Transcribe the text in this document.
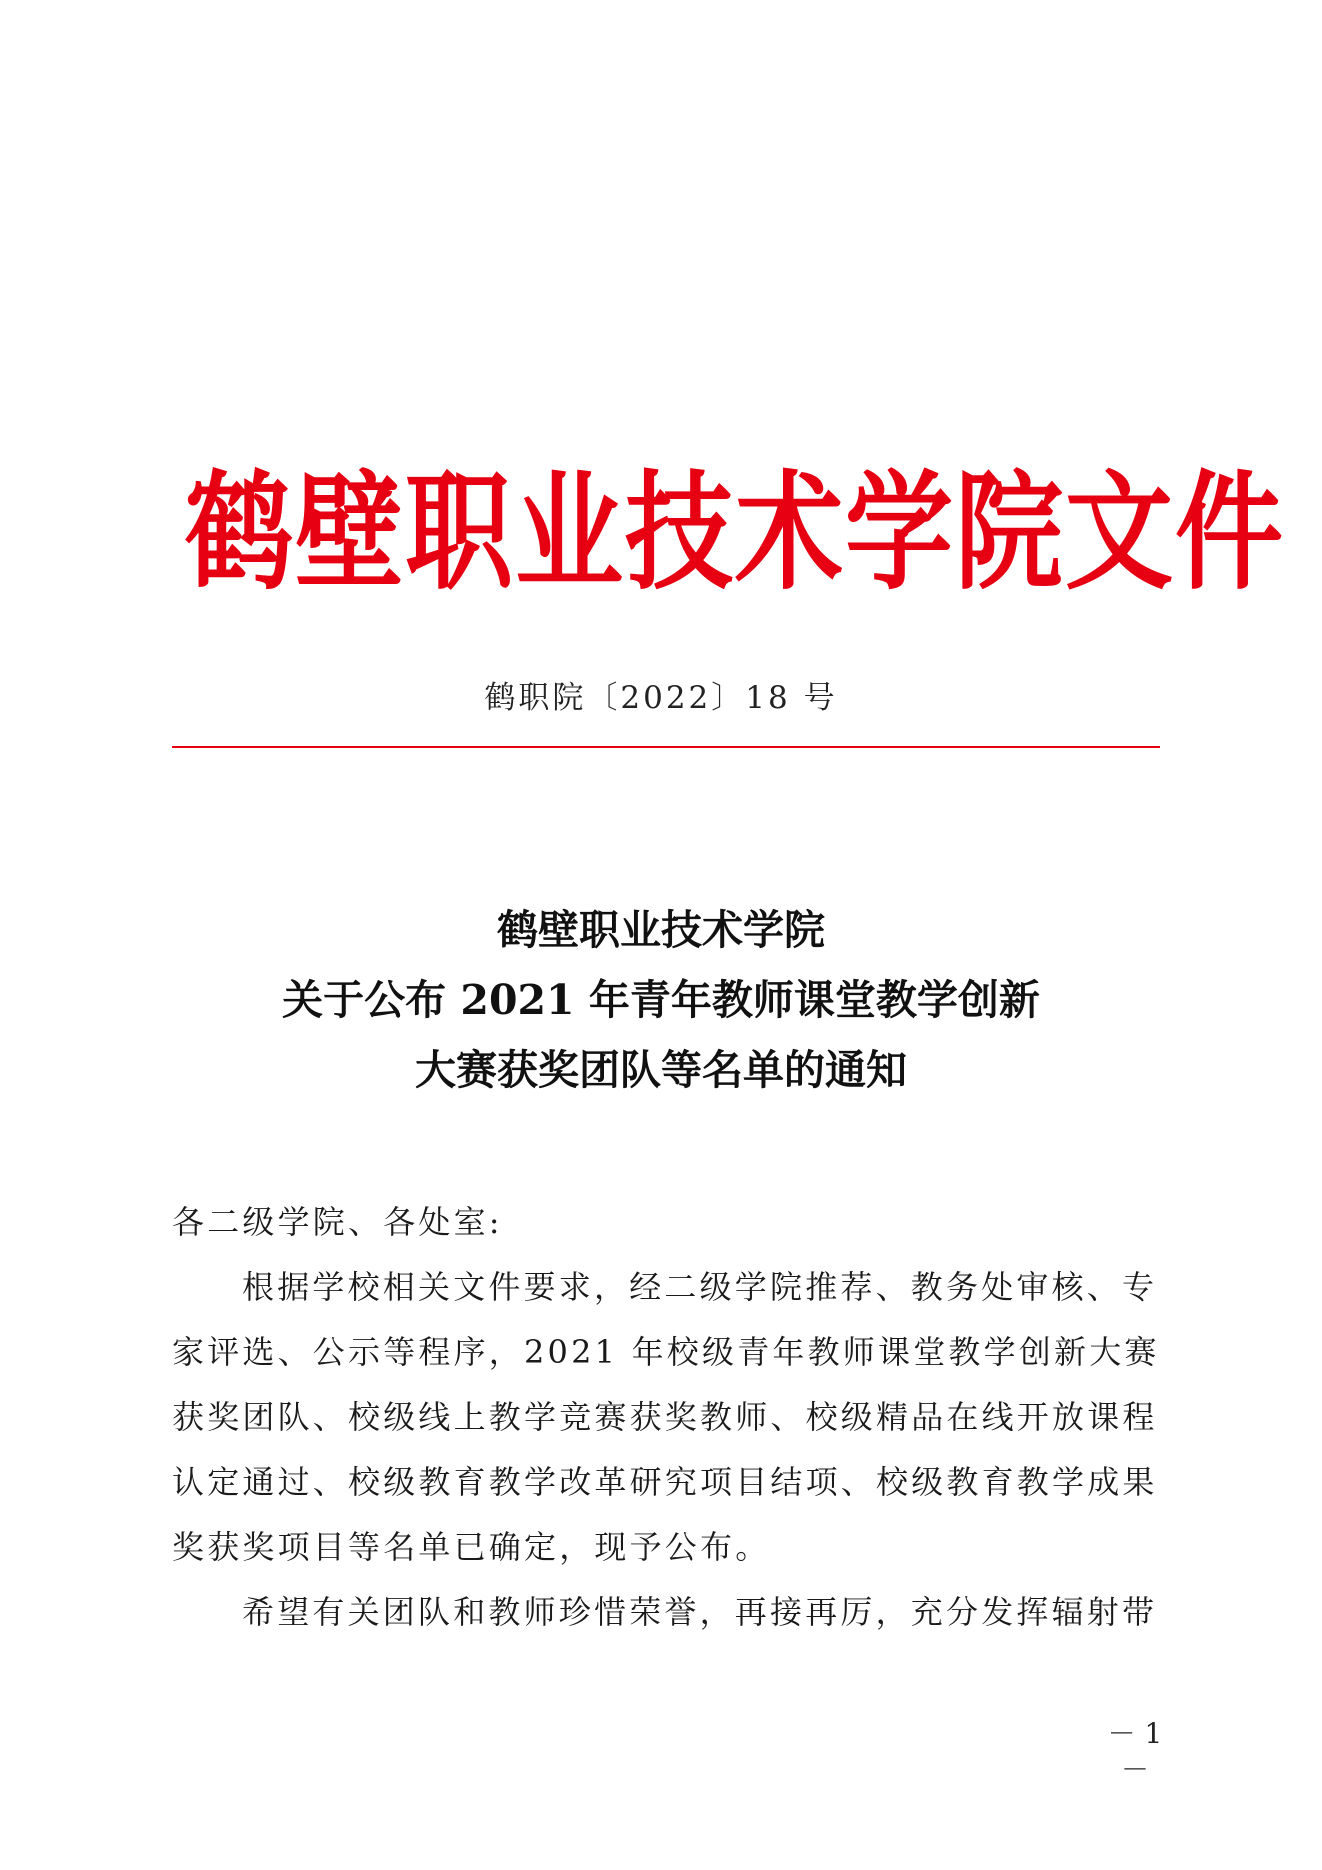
鹤壁职业技术学院文件
鹤职院〔2022〕18 号
鹤壁职业技术学院
关于公布 2021 年青年教师课堂教学创新
大赛获奖团队等名单的通知
各二级学院、各处室:
根据学校相关文件要求，经二级学院推荐、教务处审核、专
家评选、公示等程序，2021 年校级青年教师课堂教学创新大赛
获奖团队、校级线上教学竞赛获奖教师、校级精品在线开放课程
认定通过、校级教育教学改革研究项目结项、校级教育教学成果
奖获奖项目等名单已确定，现予公布。
希望有关团队和教师珍惜荣誉，再接再厉，充分发挥辐射带
－ 1 －
